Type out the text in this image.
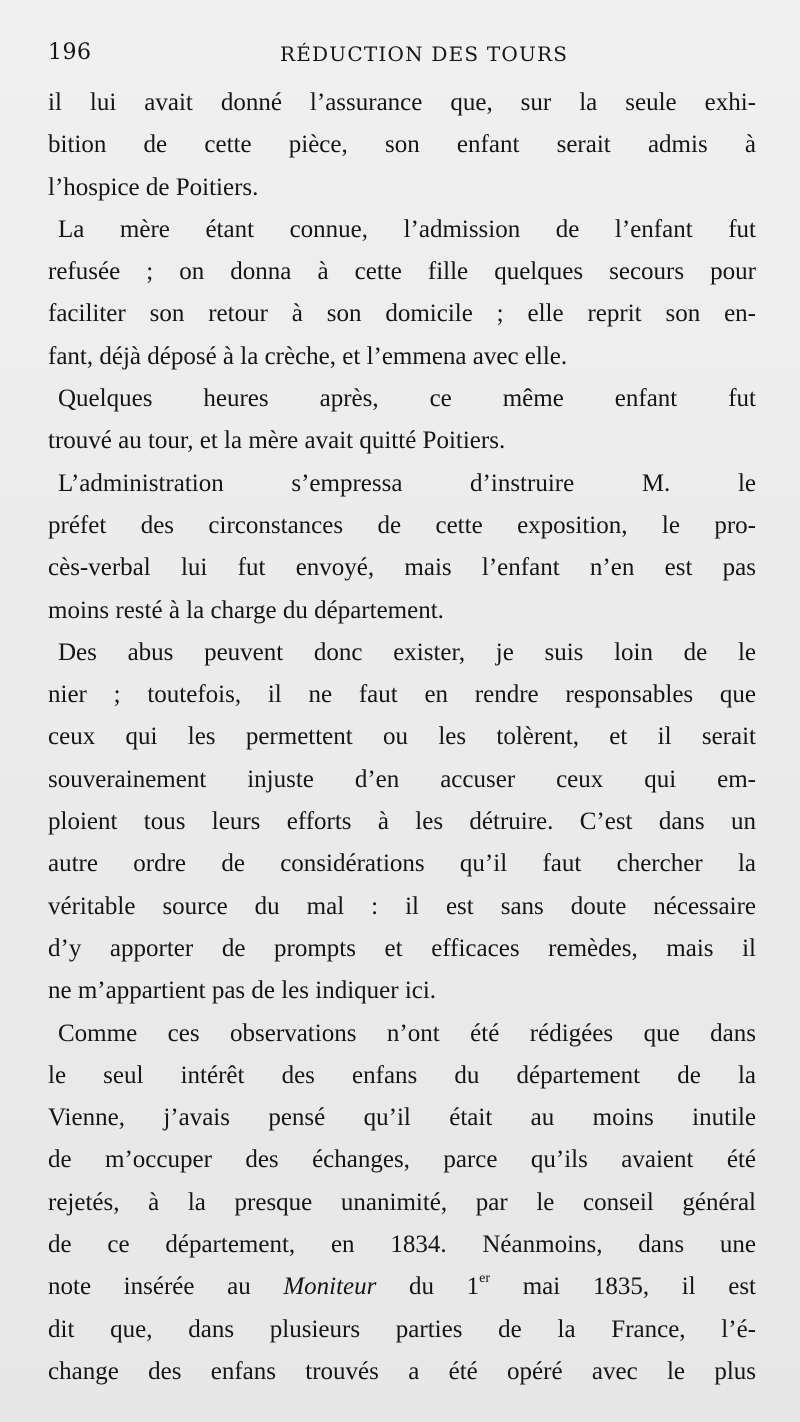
196	RÉDUCTION DES TOURS
il lui avait donné l’assurance que, sur la seule exhi-
bition de cette pièce, son enfant serait admis à
l’hospice de Poitiers.
La mère étant connue, l’admission de l’enfant fut
refusée ; on donna à cette fille quelques secours pour
faciliter son retour à son domicile ; elle reprit son en-
fant, déjà déposé à la crèche, et l’emmena avec elle.
Quelques heures après, ce même enfant fut
trouvé au tour, et la mère avait quitté Poitiers.
L’administration s’empressa d’instruire M. le
préfet des circonstances de cette exposition, le pro-
cès-verbal lui fut envoyé, mais l’enfant n’en est pas
moins resté à la charge du département.
Des abus peuvent donc exister, je suis loin de le
nier ; toutefois, il ne faut en rendre responsables que
ceux qui les permettent ou les tolèrent, et il serait
souverainement injuste d’en accuser ceux qui em-
ploient tous leurs efforts à les détruire. C’est dans un
autre ordre de considérations qu’il faut chercher la
véritable source du mal : il est sans doute nécessaire
d’y apporter de prompts et efficaces remèdes, mais il
ne m’appartient pas de les indiquer ici.
Comme ces observations n’ont été rédigées que dans
le seul intérêt des enfans du département de la
Vienne, j’avais pensé qu’il était au moins inutile
de m’occuper des échanges, parce qu’ils avaient été
rejetés, à la presque unanimité, par le conseil général
de ce département, en 1834. Néanmoins, dans une
note insérée au Moniteur du 1er mai 1835, il est
dit que, dans plusieurs parties de la France, l’é-
change des enfans trouvés a été opéré avec le plus
